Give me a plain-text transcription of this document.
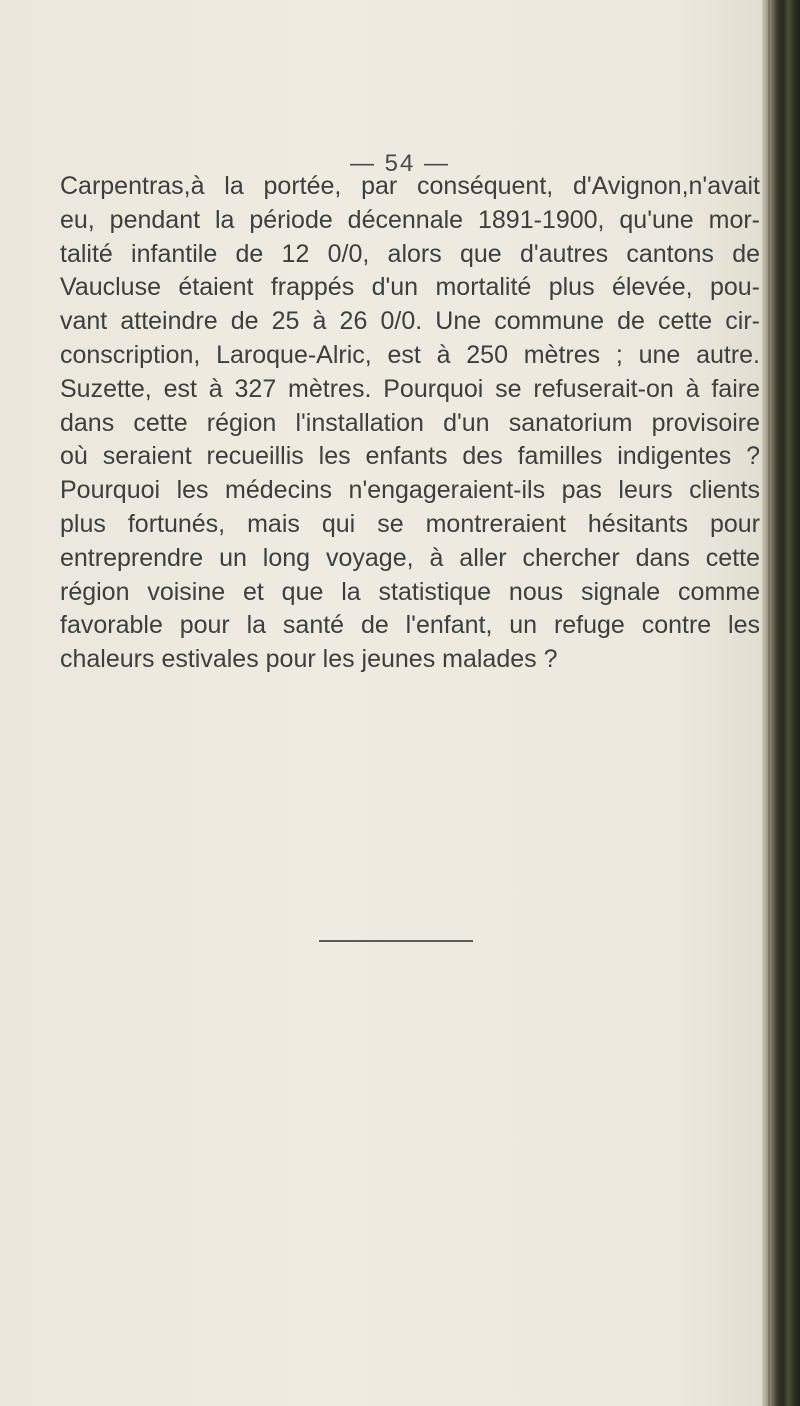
— 54 —
Carpentras,à la portée, par conséquent, d'Avignon,n'avait
eu, pendant la période décennale 1891-1900, qu'une mor-
talité infantile de 12 0/0, alors que d'autres cantons de
Vaucluse étaient frappés d'un mortalité plus élevée, pou-
vant atteindre de 25 à 26 0/0. Une commune de cette cir-
conscription, Laroque-Alric, est à 250 mètres ; une autre.
Suzette, est à 327 mètres. Pourquoi se refuserait-on à faire
dans cette région l'installation d'un sanatorium provisoire
où seraient recueillis les enfants des familles indigentes ?
Pourquoi les médecins n'engageraient-ils pas leurs clients
plus fortunés, mais qui se montreraient hésitants pour
entreprendre un long voyage, à aller chercher dans cette
région voisine et que la statistique nous signale comme
favorable pour la santé de l'enfant, un refuge contre les
chaleurs estivales pour les jeunes malades ?
